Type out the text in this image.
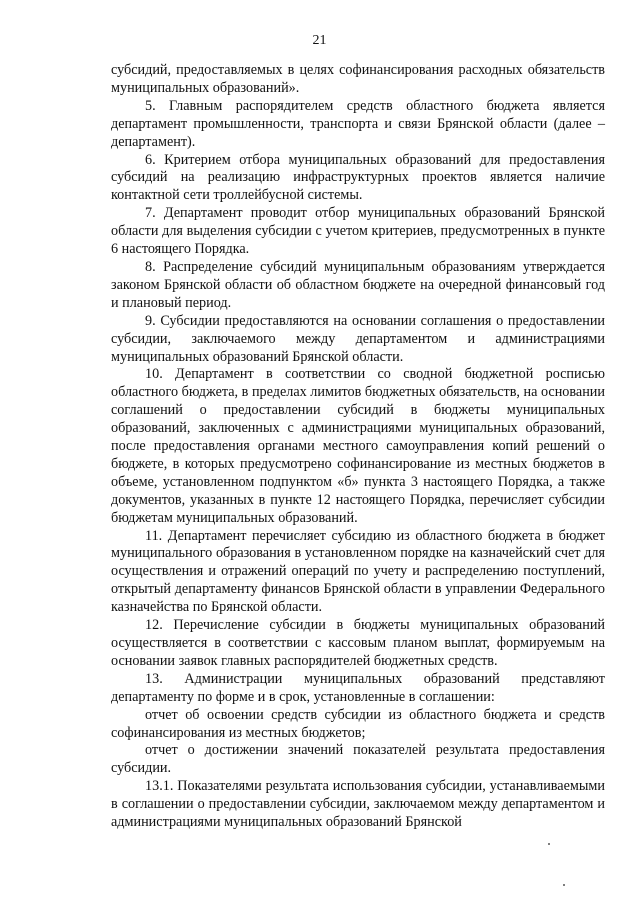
21

субсидий, предоставляемых в целях софинансирования расходных обязательств муниципальных образований».

5. Главным распорядителем средств областного бюджета является департамент промышленности, транспорта и связи Брянской области (далее – департамент).

6. Критерием отбора муниципальных образований для предоставления субсидий на реализацию инфраструктурных проектов является наличие контактной сети троллейбусной системы.

7. Департамент проводит отбор муниципальных образований Брянской области для выделения субсидии с учетом критериев, предусмотренных в пункте 6 настоящего Порядка.

8. Распределение субсидий муниципальным образованиям утверждается законом Брянской области об областном бюджете на очередной финансовый год и плановый период.

9. Субсидии предоставляются на основании соглашения о предоставлении субсидии, заключаемого между департаментом и администрациями муниципальных образований Брянской области.

10. Департамент в соответствии со сводной бюджетной росписью областного бюджета, в пределах лимитов бюджетных обязательств, на основании соглашений о предоставлении субсидий в бюджеты муниципальных образований, заключенных с администрациями муниципальных образований, после предоставления органами местного самоуправления копий решений о бюджете, в которых предусмотрено софинансирование из местных бюджетов в объеме, установленном подпунктом «б» пункта 3 настоящего Порядка, а также документов, указанных в пункте 12 настоящего Порядка, перечисляет субсидии бюджетам муниципальных образований.

11. Департамент перечисляет субсидию из областного бюджета в бюджет муниципального образования в установленном порядке на казначейский счет для осуществления и отражений операций по учету и распределению поступлений, открытый департаменту финансов Брянской области в управлении Федерального казначейства по Брянской области.

12. Перечисление субсидии в бюджеты муниципальных образований осуществляется в соответствии с кассовым планом выплат, формируемым на основании заявок главных распорядителей бюджетных средств.

13. Администрации муниципальных образований представляют департаменту по форме и в срок, установленные в соглашении:

отчет об освоении средств субсидии из областного бюджета и средств софинансирования из местных бюджетов;

отчет о достижении значений показателей результата предоставления субсидии.

13.1. Показателями результата использования субсидии, устанавливаемыми в соглашении о предоставлении субсидии, заключаемом между департаментом и администрациями муниципальных образований Брянской
